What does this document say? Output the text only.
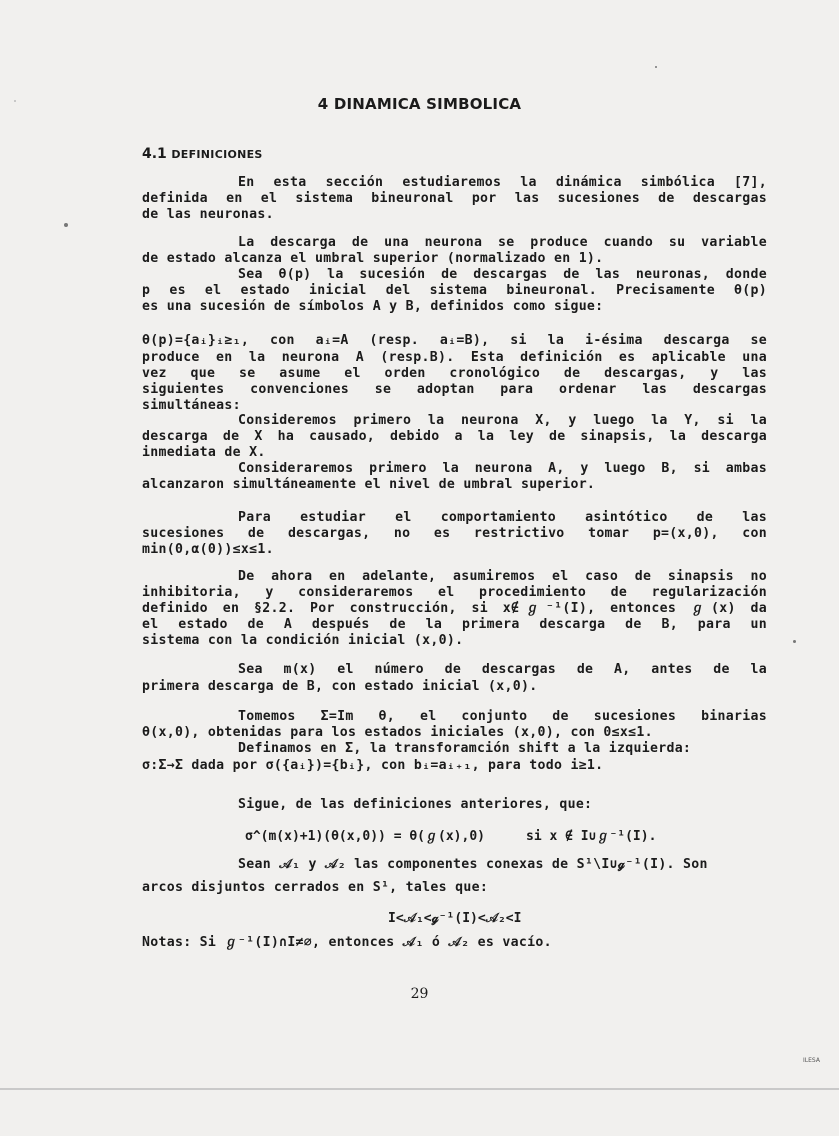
4 DINAMICA SIMBOLICA
4.1 DEFINICIONES
En esta sección estudiaremos la dinámica simbólica [7],
definida en el sistema bineuronal por las sucesiones de descargas
de las neuronas.
La descarga de una neurona se produce cuando su variable
de estado alcanza el umbral superior (normalizado en 1).
Sea θ(p) la sucesión de descargas de las neuronas, donde
p es el estado inicial del sistema bineuronal. Precisamente θ(p)
es una sucesión de símbolos A y B, definidos como sigue:
θ(p)={aᵢ}ᵢ≥₁, con aᵢ=A (resp. aᵢ=B), si la i-ésima descarga se
produce en la neurona A (resp.B). Esta definición es aplicable una
vez que se asume el orden cronológico de descargas, y las
siguientes convenciones se adoptan para ordenar las descargas
simultáneas:
Consideremos primero la neurona X, y luego la Y, si la
descarga de X ha causado, debido a la ley de sinapsis, la descarga
inmediata de X.
Consideraremos primero la neurona A, y luego B, si ambas
alcanzaron simultáneamente el nivel de umbral superior.
Para estudiar el comportamiento asintótico de las
sucesiones de descargas, no es restrictivo tomar p=(x,0), con
min(0,α(0))≤x≤1.
De ahora en adelante, asumiremos el caso de sinapsis no
inhibitoria, y consideraremos el procedimiento de regularización
definido en §2.2. Por construcción, si x∉ℊ⁻¹(I), entonces ℊ(x) da
el estado de A después de la primera descarga de B, para un
sistema con la condición inicial (x,0).
Sea m(x) el número de descargas de A, antes de la
primera descarga de B, con estado inicial (x,0).
Tomemos Σ=Im θ, el conjunto de sucesiones binarias
θ(x,0), obtenidas para los estados iniciales (x,0), con 0≤x≤1.
Definamos en Σ, la transforamción shift a la izquierda:
σ:Σ→Σ dada por σ({aᵢ})={bᵢ}, con bᵢ=aᵢ₊₁, para todo i≥1.
Sigue, de las definiciones anteriores, que:
σ^(m(x)+1)(θ(x,0)) = θ(ℊ(x),0)	si x ∉ I∪ℊ⁻¹(I).
Sean 𝒜₁ y 𝒜₂ las componentes conexas de S¹\I∪ℊ⁻¹(I). Son
arcos disjuntos cerrados en S¹, tales que:
I<𝒜₁<ℊ⁻¹(I)<𝒜₂<I
Notas: Si ℊ⁻¹(I)∩I≠∅, entonces 𝒜₁ ó 𝒜₂ es vacío.
29
ILESA
